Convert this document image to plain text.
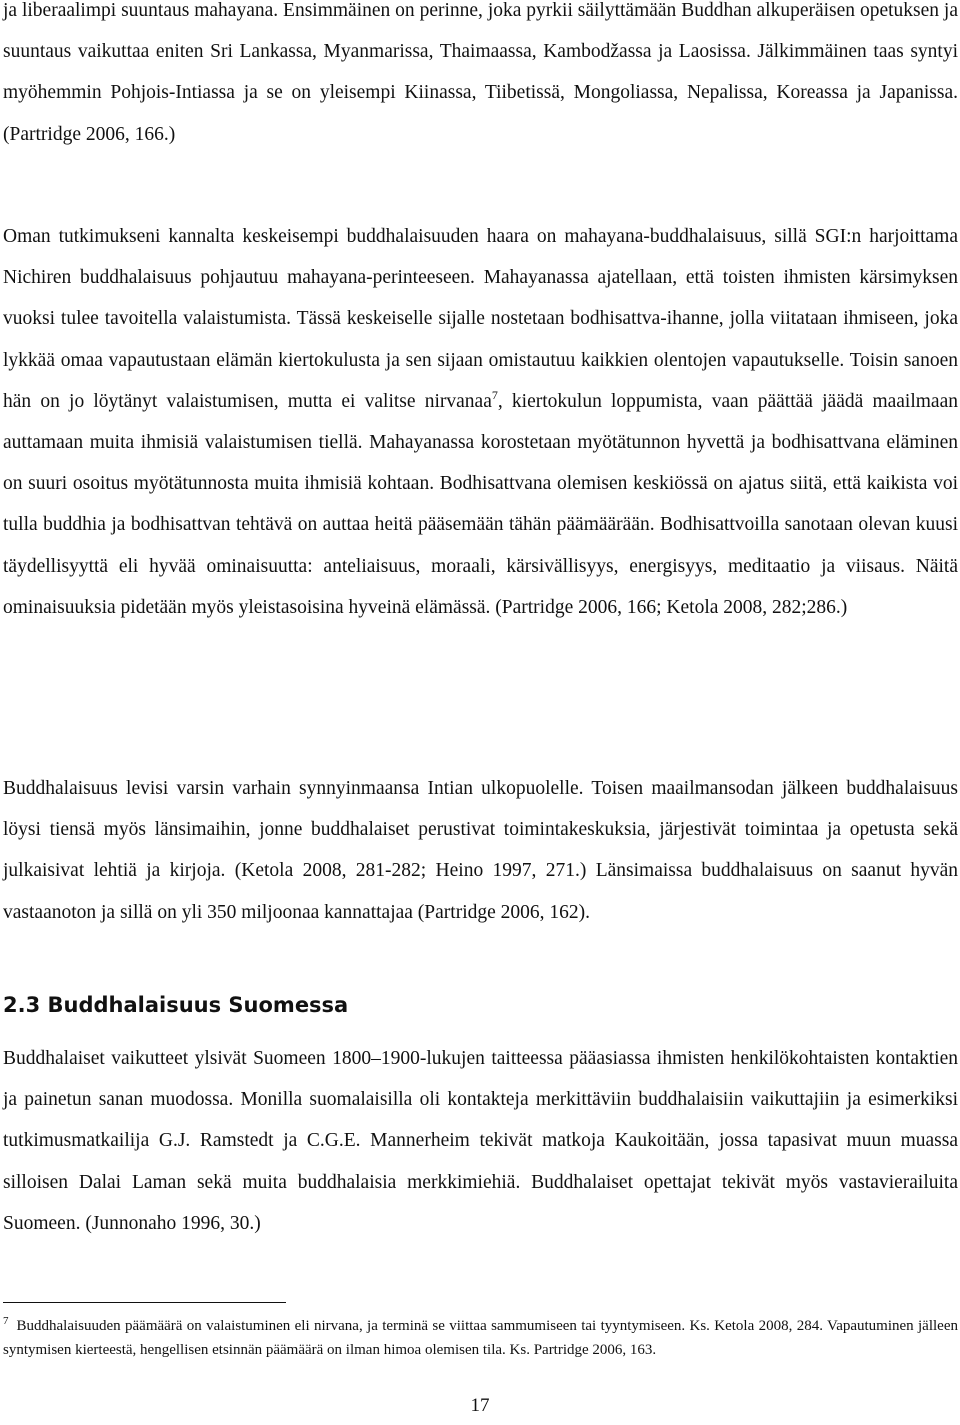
ja liberaalimpi suuntaus mahayana. Ensimmäinen on perinne, joka pyrkii säilyttämään Buddhan alkuperäisen opetuksen ja suuntaus vaikuttaa eniten Sri Lankassa, Myanmarissa, Thaimaassa, Kambodžassa ja Laosissa. Jälkimmäinen taas syntyi myöhemmin Pohjois-Intiassa ja se on yleisempi Kiinassa, Tiibetissä, Mongoliassa, Nepalissa, Koreassa ja Japanissa. (Partridge 2006, 166.)

Oman tutkimukseni kannalta keskeisempi buddhalaisuuden haara on mahayana-buddhalaisuus, sillä SGI:n harjoittama Nichiren buddhalaisuus pohjautuu mahayana-perinteeseen. Mahayanassa ajatellaan, että toisten ihmisten kärsimyksen vuoksi tulee tavoitella valaistumista. Tässä keskeiselle sijalle nostetaan bodhisattva-ihanne, jolla viitataan ihmiseen, joka lykkää omaa vapautustaan elämän kiertokulusta ja sen sijaan omistautuu kaikkien olentojen vapautukselle. Toisin sanoen hän on jo löytänyt valaistumisen, mutta ei valitse nirvanaa$^7$, kiertokulun loppumista, vaan päättää jäädä maailmaan auttamaan muita ihmisiä valaistumisen tiellä. Mahayanassa korostetaan myötätunnon hyvettä ja bodhisattvana eläminen on suuri osoitus myötätunnosta muita ihmisiä kohtaan. Bodhisattvana olemisen keskiössä on ajatus siitä, että kaikista voi tulla buddhia ja bodhisattvan tehtävä on auttaa heitä pääsemään tähän päämäärään. Bodhisattvoilla sanotaan olevan kuusi täydellisyyttä eli hyvää ominaisuutta: anteliaisuus, moraali, kärsivällisyys, energisyys, meditaatio ja viisaus. Näitä ominaisuuksia pidetään myös yleistasoisina hyveinä elämässä. (Partridge 2006, 166; Ketola 2008, 282;286.)

Buddhalaisuus levisi varsin varhain synnyinmaansa Intian ulkopuolelle. Toisen maailmansodan jälkeen buddhalaisuus löysi tiensä myös länsimaihin, jonne buddhalaiset perustivat toimintakeskuksia, järjestivät toimintaa ja opetusta sekä julkaisivat lehtiä ja kirjoja. (Ketola 2008, 281-282; Heino 1997, 271.) Länsimaissa buddhalaisuus on saanut hyvän vastaanoton ja sillä on yli 350 miljoonaa kannattajaa (Partridge 2006, 162).

2.3 Buddhalaisuus Suomessa

Buddhalaiset vaikutteet ylsivät Suomeen 1800–1900-lukujen taitteessa pääasiassa ihmisten henkilökohtaisten kontaktien ja painetun sanan muodossa. Monilla suomalaisilla oli kontakteja merkittäviin buddhalaisiin vaikuttajiin ja esimerkiksi tutkimusmatkailija G.J. Ramstedt ja C.G.E. Mannerheim tekivät matkoja Kaukoitään, jossa tapasivat muun muassa silloisen Dalai Laman sekä muita buddhalaisia merkkimiehiä. Buddhalaiset opettajat tekivät myös vastavierailuita Suomeen. (Junnonaho 1996, 30.)

$^7$ Buddhalaisuuden päämäärä on valaistuminen eli nirvana, ja terminä se viittaa sammumiseen tai tyyntymiseen. Ks. Ketola 2008, 284. Vapautuminen jälleen syntymisen kierteestä, hengellisen etsinnän päämäärä on ilman himoa olemisen tila. Ks. Partridge 2006, 163.

17
